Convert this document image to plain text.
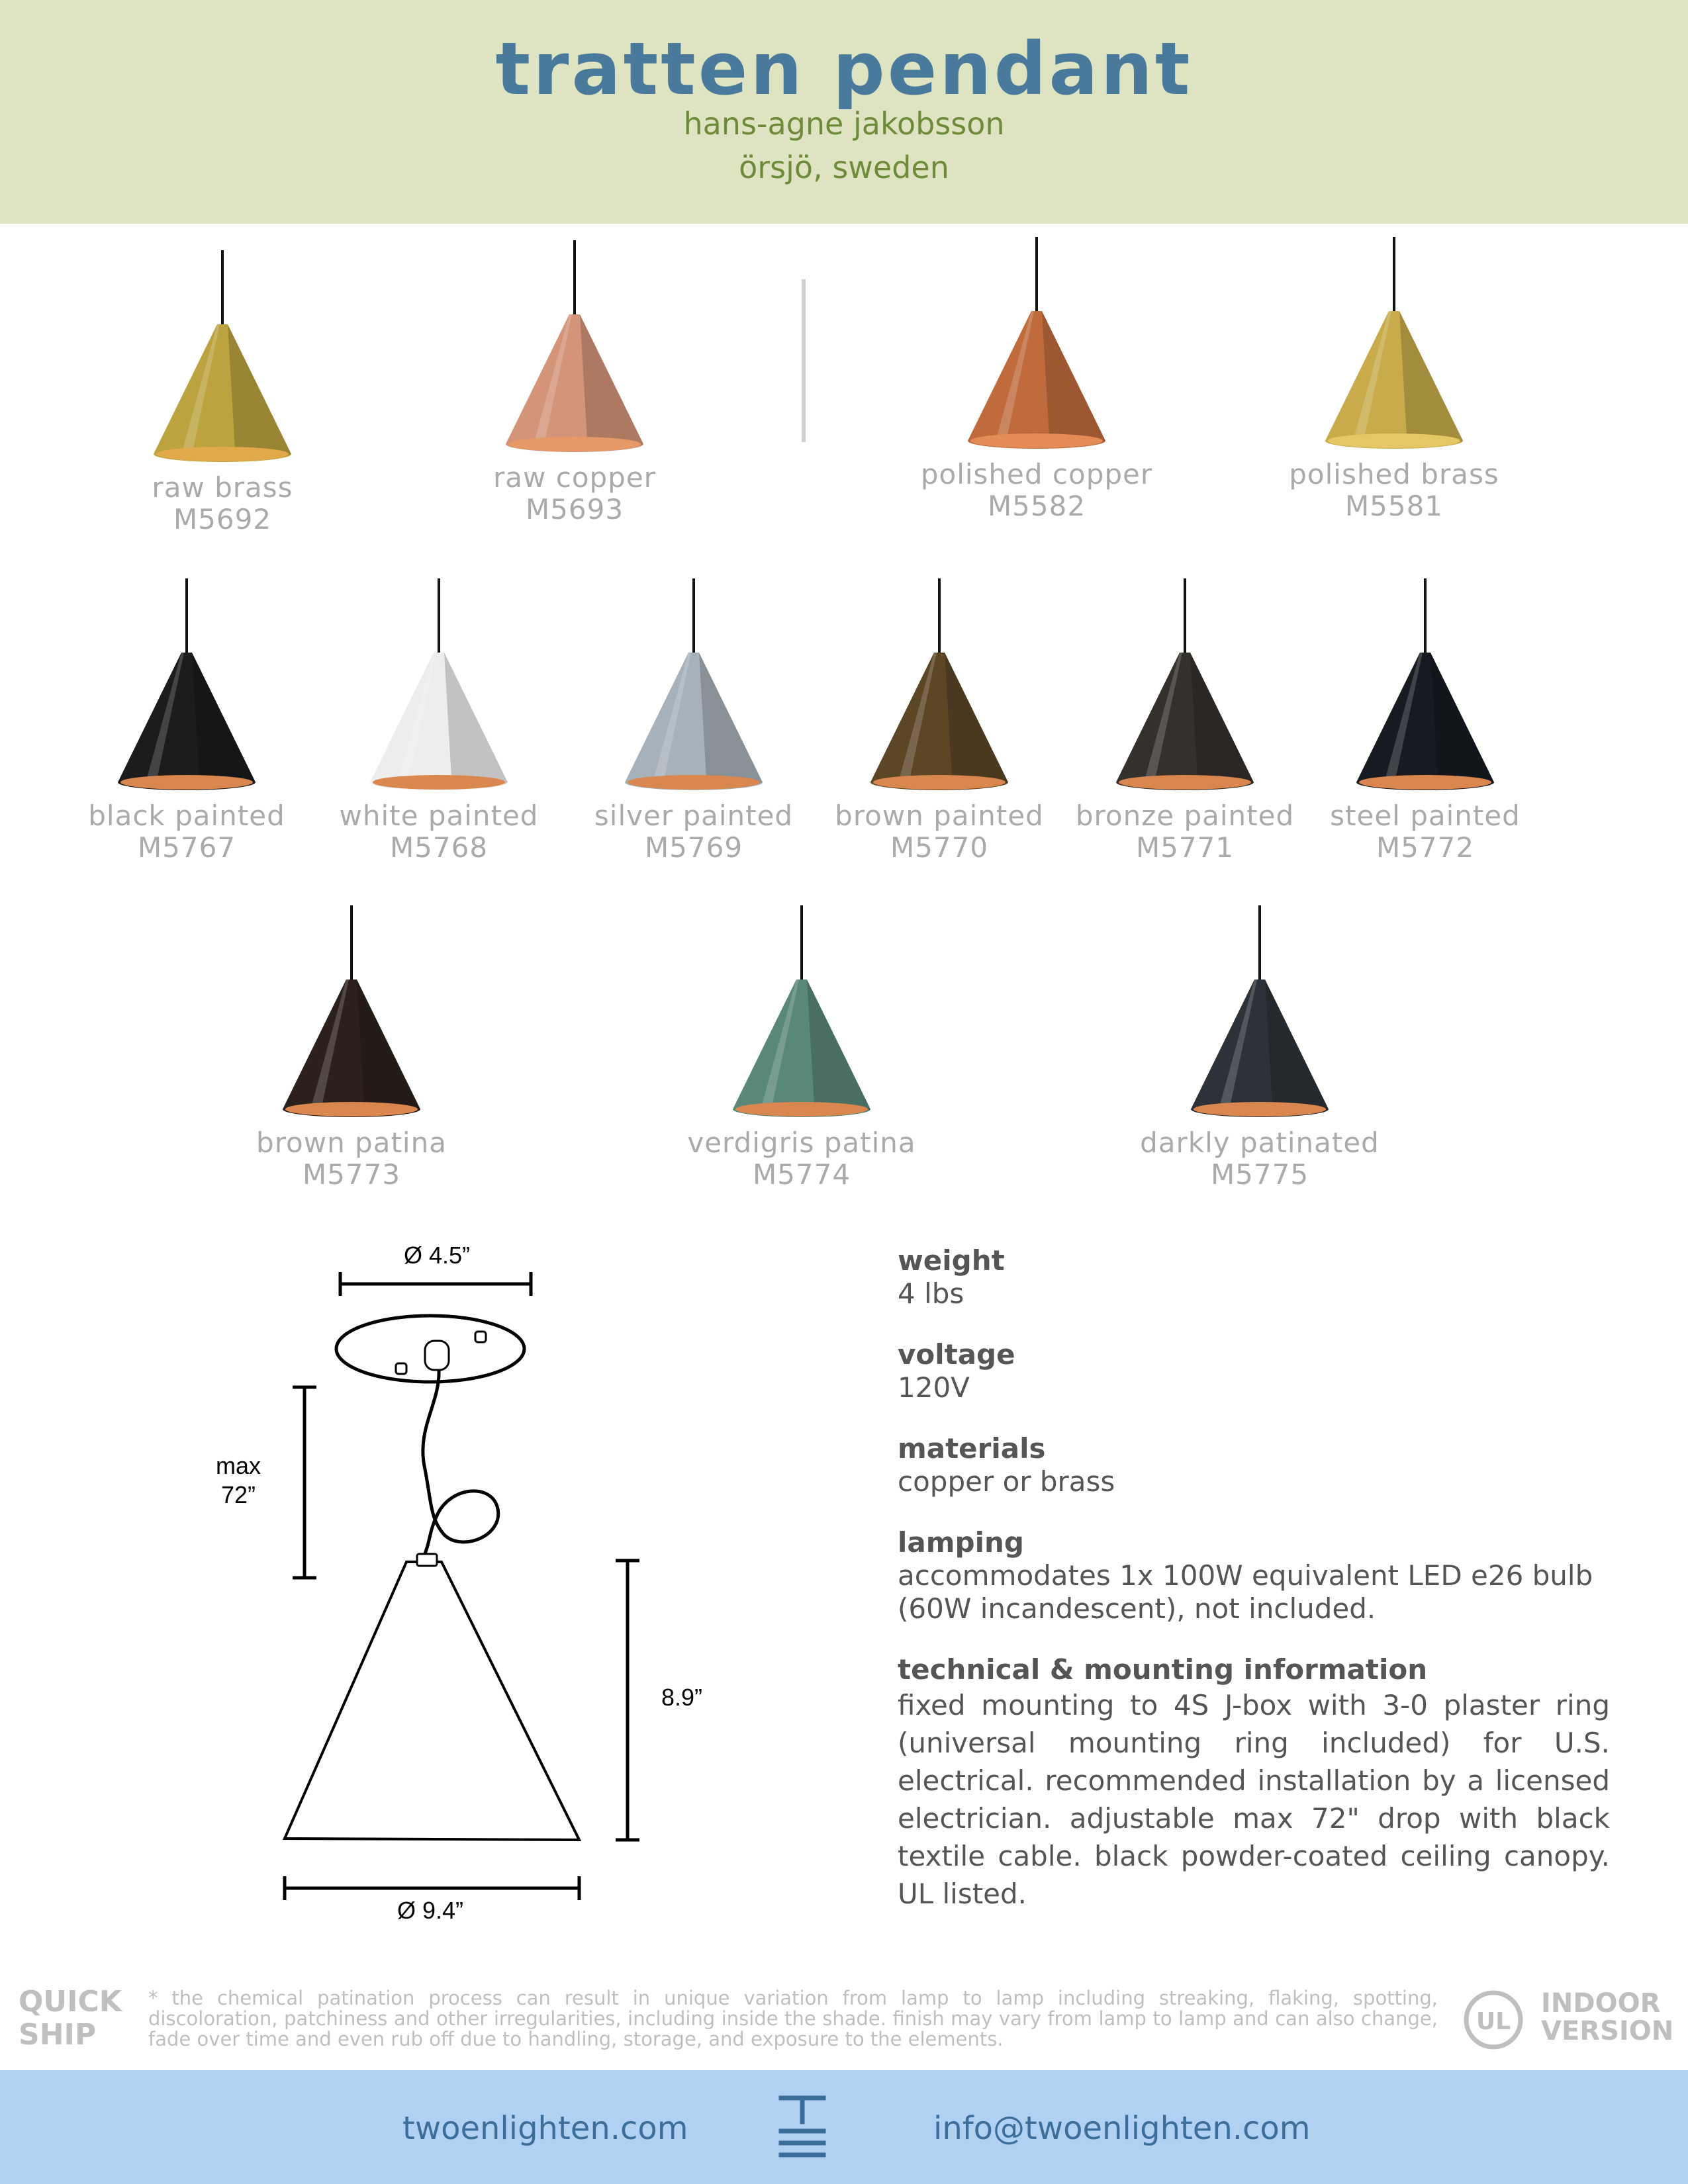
tratten pendant
hans-agne jakobsson
örsjö, sweden
raw brass
M5692
raw copper
M5693
polished copper
M5582
polished brass
M5581
black painted
M5767
white painted
M5768
silver painted
M5769
brown painted
M5770
bronze painted
M5771
steel painted
M5772
brown patina
M5773
verdigris patina
M5774
darkly patinated
M5775
Ø 4.5”
max
72”
8.9”
Ø 9.4”
weight
4 lbs
voltage
120V
materials
copper or brass
lamping
accommodates 1x 100W equivalent LED e26 bulb (60W incandescent), not included.
technical & mounting information
fixed mounting to 4S J-box with 3-0 plaster ring (universal mounting ring included) for U.S. electrical. recommended installation by a licensed electrician. adjustable max 72" drop with black textile cable. black powder-coated ceiling canopy. UL listed.
QUICK
SHIP
* the chemical patination process can result in unique variation from lamp to lamp including streaking, flaking, spotting, discoloration, patchiness and other irregularities, including inside the shade. finish may vary from lamp to lamp and can also change, fade over time and even rub off due to handling, storage, and exposure to the elements.
UL
INDOOR
VERSION
twoenlighten.com	info@twoenlighten.com
